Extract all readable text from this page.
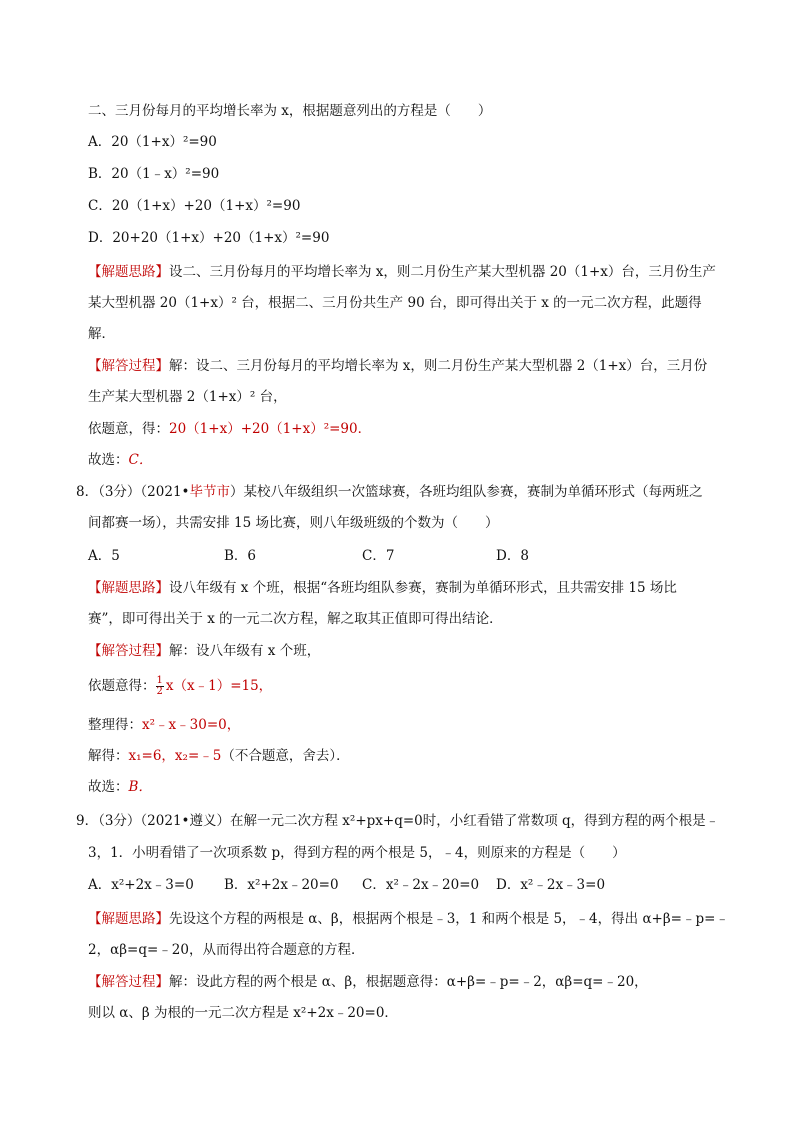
二、三月份每月的平均增长率为 x，根据题意列出的方程是（　　）
A．20（1+x）²=90
B．20（1﹣x）²=90
C．20（1+x）+20（1+x）²=90
D．20+20（1+x）+20（1+x）²=90
【解题思路】设二、三月份每月的平均增长率为 x，则二月份生产某大型机器 20（1+x）台，三月份生产
某大型机器 20（1+x）² 台，根据二、三月份共生产 90 台，即可得出关于 x 的一元二次方程，此题得
解．
【解答过程】解：设二、三月份每月的平均增长率为 x，则二月份生产某大型机器 2（1+x）台，三月份
生产某大型机器 2（1+x）² 台，
依题意，得：20（1+x）+20（1+x）²=90．
故选：C．
8．（3分）（2021•毕节市）某校八年级组织一次篮球赛，各班均组队参赛，赛制为单循环形式（每两班之
间都赛一场），共需安排 15 场比赛，则八年级班级的个数为（　　）
A．5	B．6	C．7	D．8
【解题思路】设八年级有 x 个班，根据“各班均组队参赛，赛制为单循环形式，且共需安排 15 场比
赛”，即可得出关于 x 的一元二次方程，解之取其正值即可得出结论．
【解答过程】解：设八年级有 x 个班，
依题意得： $\frac{1}{2}$ x（x﹣1）=15，
整理得：x²﹣x﹣30=0，
解得：x₁=6，x₂=﹣5（不合题意，舍去）．
故选：B．
9．（3分）（2021•遵义）在解一元二次方程 x²+px+q=0时，小红看错了常数项 q，得到方程的两个根是﹣
3，1．小明看错了一次项系数 p，得到方程的两个根是 5，﹣4，则原来的方程是（　　）
A．x²+2x﹣3=0 B．x²+2x﹣20=0 C．x²﹣2x﹣20=0 D．x²﹣2x﹣3=0
【解题思路】先设这个方程的两根是 α、β，根据两个根是﹣3，1 和两个根是 5，﹣4，得出 α+β=﹣p=﹣
2，αβ=q=﹣20，从而得出符合题意的方程．
【解答过程】解：设此方程的两个根是 α、β，根据题意得：α+β=﹣p=﹣2，αβ=q=﹣20，
则以 α、β 为根的一元二次方程是 x²+2x﹣20=0．
